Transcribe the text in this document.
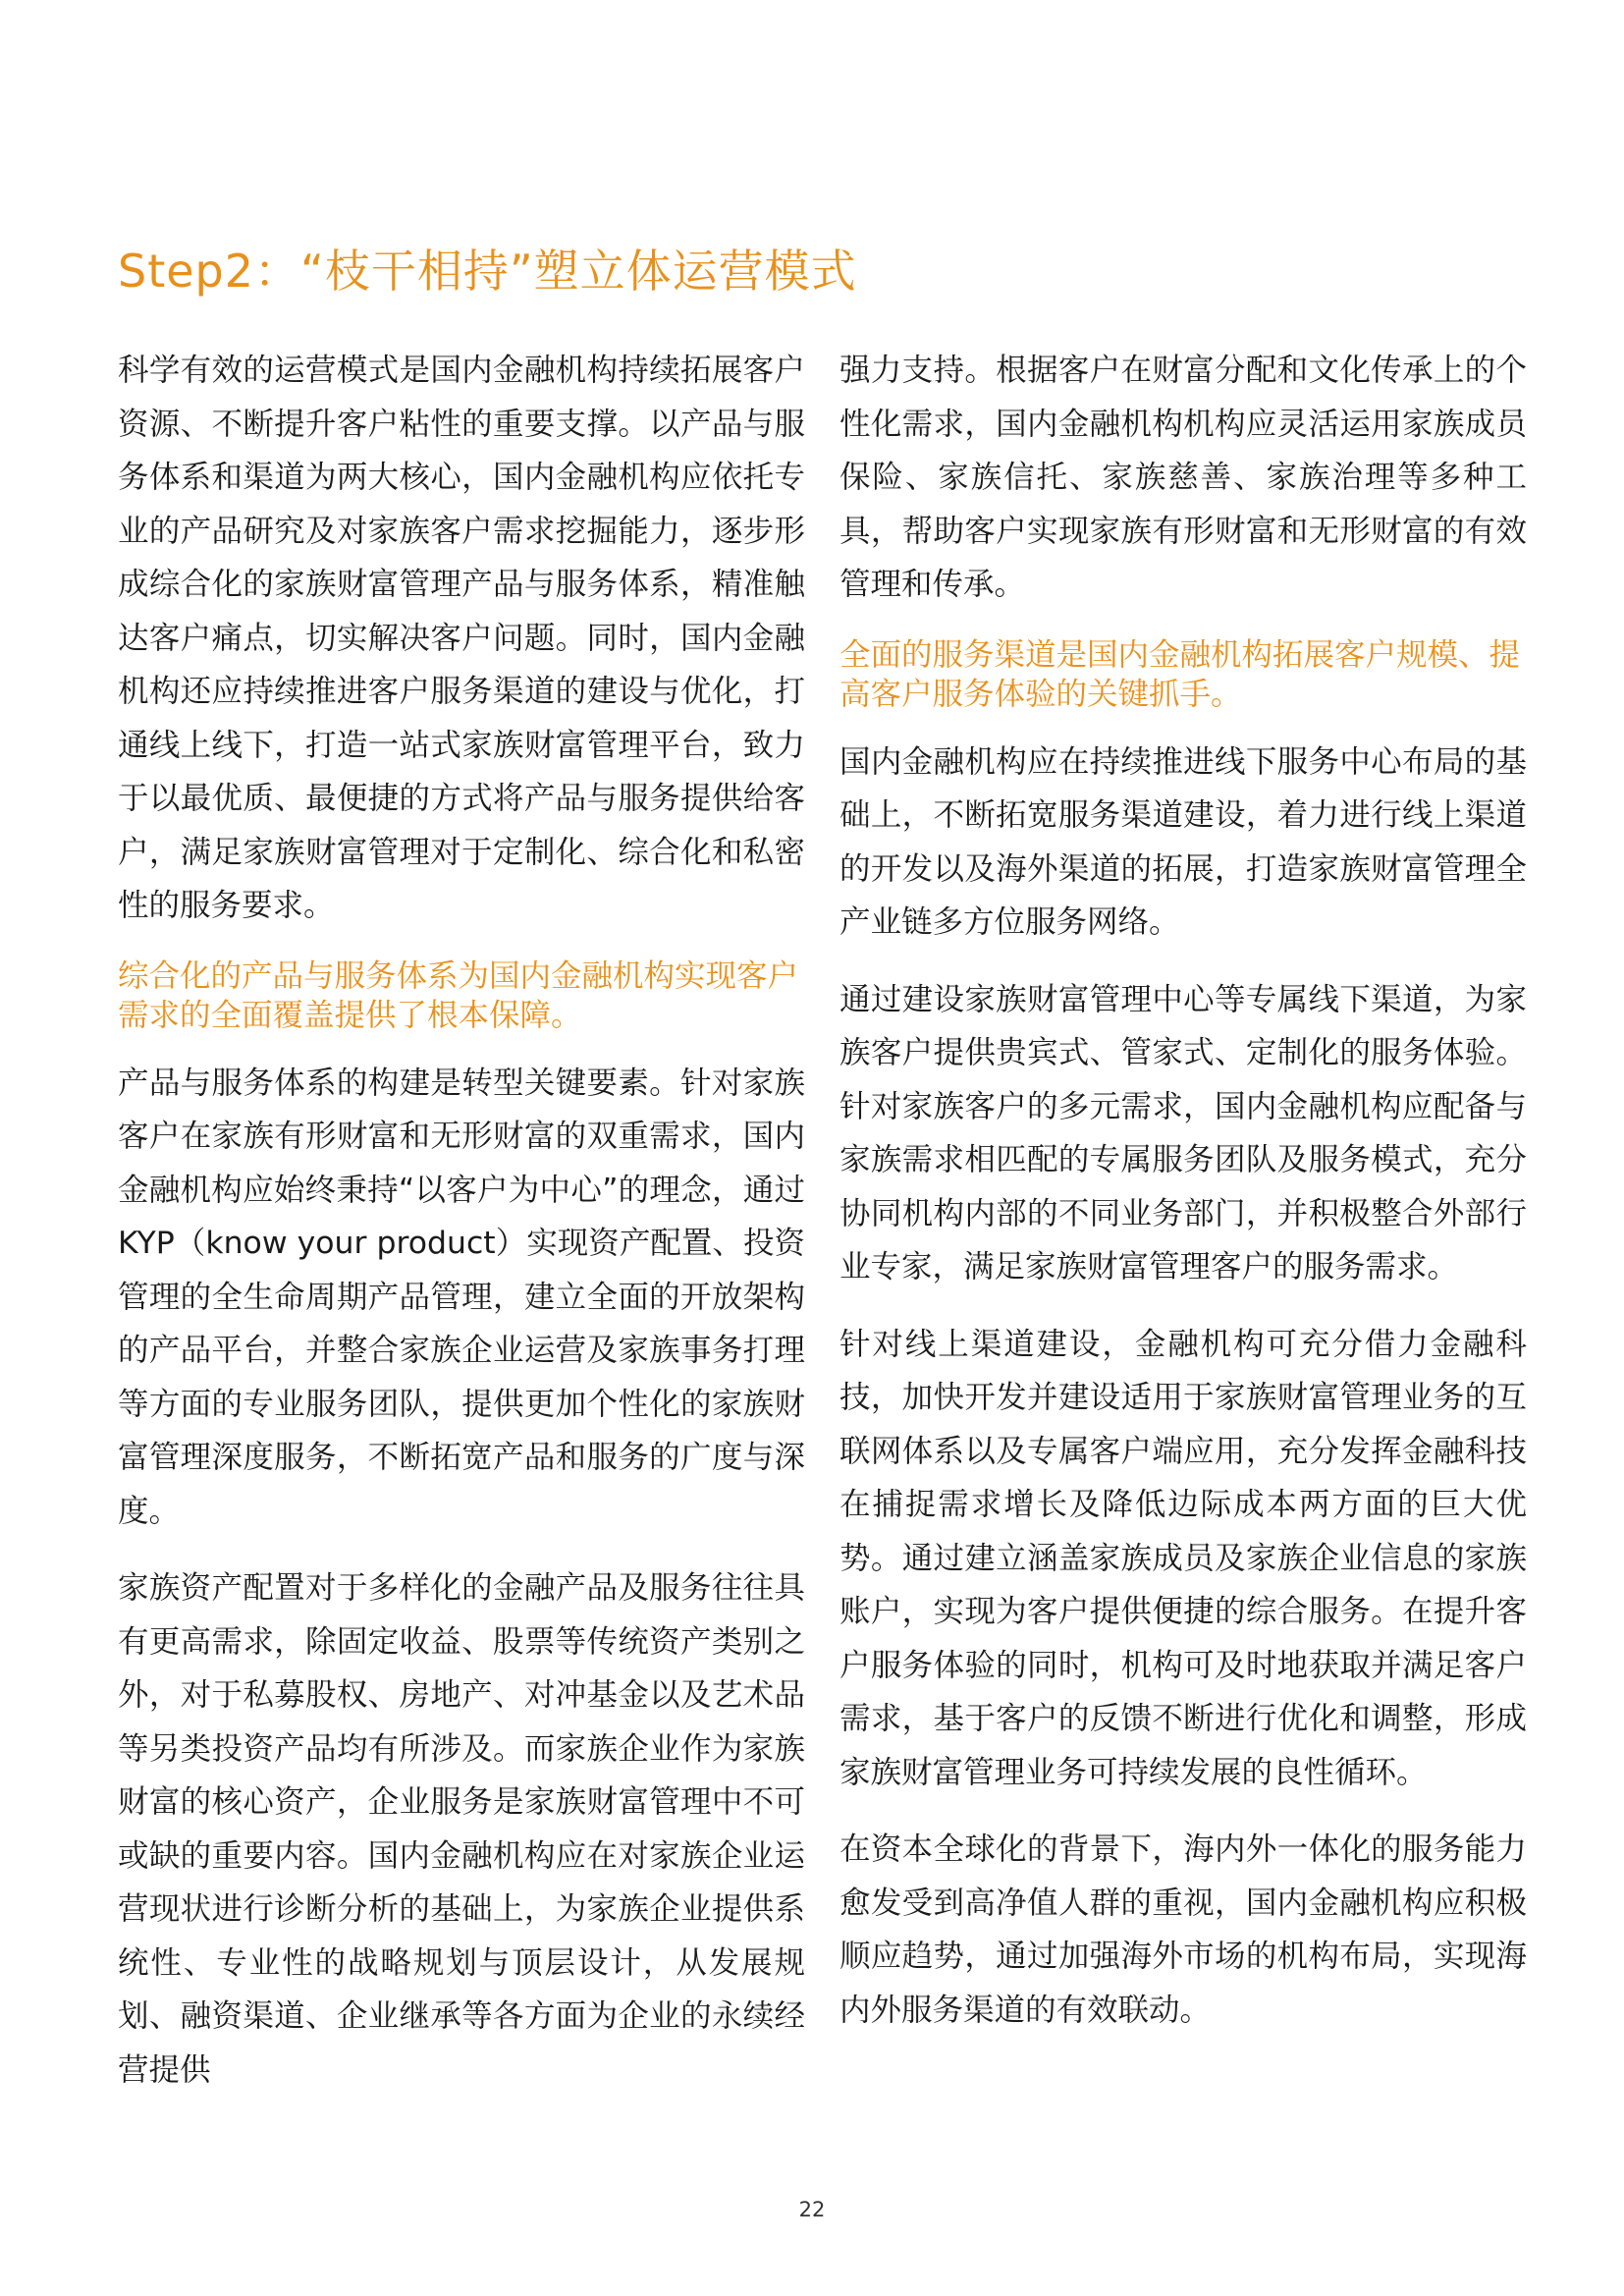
Step2：“枝干相持”塑立体运营模式

科学有效的运营模式是国内金融机构持续拓展客户资源、不断提升客户粘性的重要支撑。以产品与服务体系和渠道为两大核心，国内金融机构应依托专业的产品研究及对家族客户需求挖掘能力，逐步形成综合化的家族财富管理产品与服务体系，精准触达客户痛点，切实解决客户问题。同时，国内金融机构还应持续推进客户服务渠道的建设与优化，打通线上线下，打造一站式家族财富管理平台，致力于以最优质、最便捷的方式将产品与服务提供给客户，满足家族财富管理对于定制化、综合化和私密性的服务要求。

综合化的产品与服务体系为国内金融机构实现客户需求的全面覆盖提供了根本保障。

产品与服务体系的构建是转型关键要素。针对家族客户在家族有形财富和无形财富的双重需求，国内金融机构应始终秉持“以客户为中心”的理念，通过KYP（know your product）实现资产配置、投资管理的全生命周期产品管理，建立全面的开放架构的产品平台，并整合家族企业运营及家族事务打理等方面的专业服务团队，提供更加个性化的家族财富管理深度服务，不断拓宽产品和服务的广度与深度。

家族资产配置对于多样化的金融产品及服务往往具有更高需求，除固定收益、股票等传统资产类别之外，对于私募股权、房地产、对冲基金以及艺术品等另类投资产品均有所涉及。而家族企业作为家族财富的核心资产，企业服务是家族财富管理中不可或缺的重要内容。国内金融机构应在对家族企业运营现状进行诊断分析的基础上，为家族企业提供系统性、专业性的战略规划与顶层设计，从发展规划、融资渠道、企业继承等各方面为企业的永续经营提供

强力支持。根据客户在财富分配和文化传承上的个性化需求，国内金融机构机构应灵活运用家族成员保险、家族信托、家族慈善、家族治理等多种工具，帮助客户实现家族有形财富和无形财富的有效管理和传承。

全面的服务渠道是国内金融机构拓展客户规模、提高客户服务体验的关键抓手。

国内金融机构应在持续推进线下服务中心布局的基础上，不断拓宽服务渠道建设，着力进行线上渠道的开发以及海外渠道的拓展，打造家族财富管理全产业链多方位服务网络。

通过建设家族财富管理中心等专属线下渠道，为家族客户提供贵宾式、管家式、定制化的服务体验。针对家族客户的多元需求，国内金融机构应配备与家族需求相匹配的专属服务团队及服务模式，充分协同机构内部的不同业务部门，并积极整合外部行业专家，满足家族财富管理客户的服务需求。

针对线上渠道建设，金融机构可充分借力金融科技，加快开发并建设适用于家族财富管理业务的互联网体系以及专属客户端应用，充分发挥金融科技在捕捉需求增长及降低边际成本两方面的巨大优势。通过建立涵盖家族成员及家族企业信息的家族账户，实现为客户提供便捷的综合服务。在提升客户服务体验的同时，机构可及时地获取并满足客户需求，基于客户的反馈不断进行优化和调整，形成家族财富管理业务可持续发展的良性循环。

在资本全球化的背景下，海内外一体化的服务能力愈发受到高净值人群的重视，国内金融机构应积极顺应趋势，通过加强海外市场的机构布局，实现海内外服务渠道的有效联动。

22
